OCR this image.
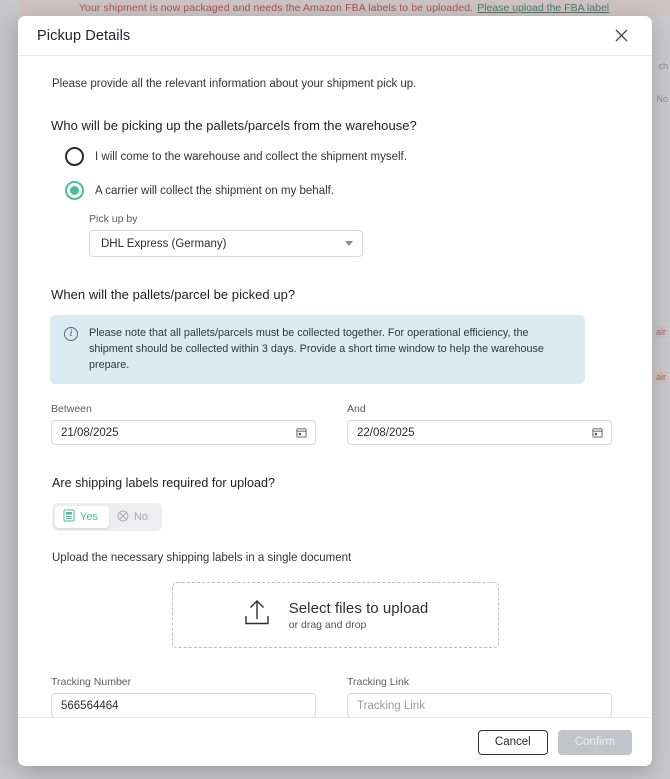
ch
No
air
air
Your shipment is now packaged and needs the Amazon FBA labels to be uploaded. Please upload the FBA label
Pickup Details

Please provide all the relevant information about your shipment pick up.

Who will be picking up the pallets/parcels from the warehouse?
I will come to the warehouse and collect the shipment myself.
A carrier will collect the shipment on my behalf.
Pick up by
DHL Express (Germany)
When will the pallets/parcel be picked up?
i	Please note that all pallets/parcels must be collected together. For operational efficiency, the shipment should be collected within 3 days. Provide a short time window to help the warehouse prepare.
Between
21/08/2025
And
22/08/2025
Are shipping labels required for upload?
Yes	No
Upload the necessary shipping labels in a single document
Select files to upload
or drag and drop
Tracking Number
566564464
Tracking Link
Tracking Link
Cancel	Confirm
